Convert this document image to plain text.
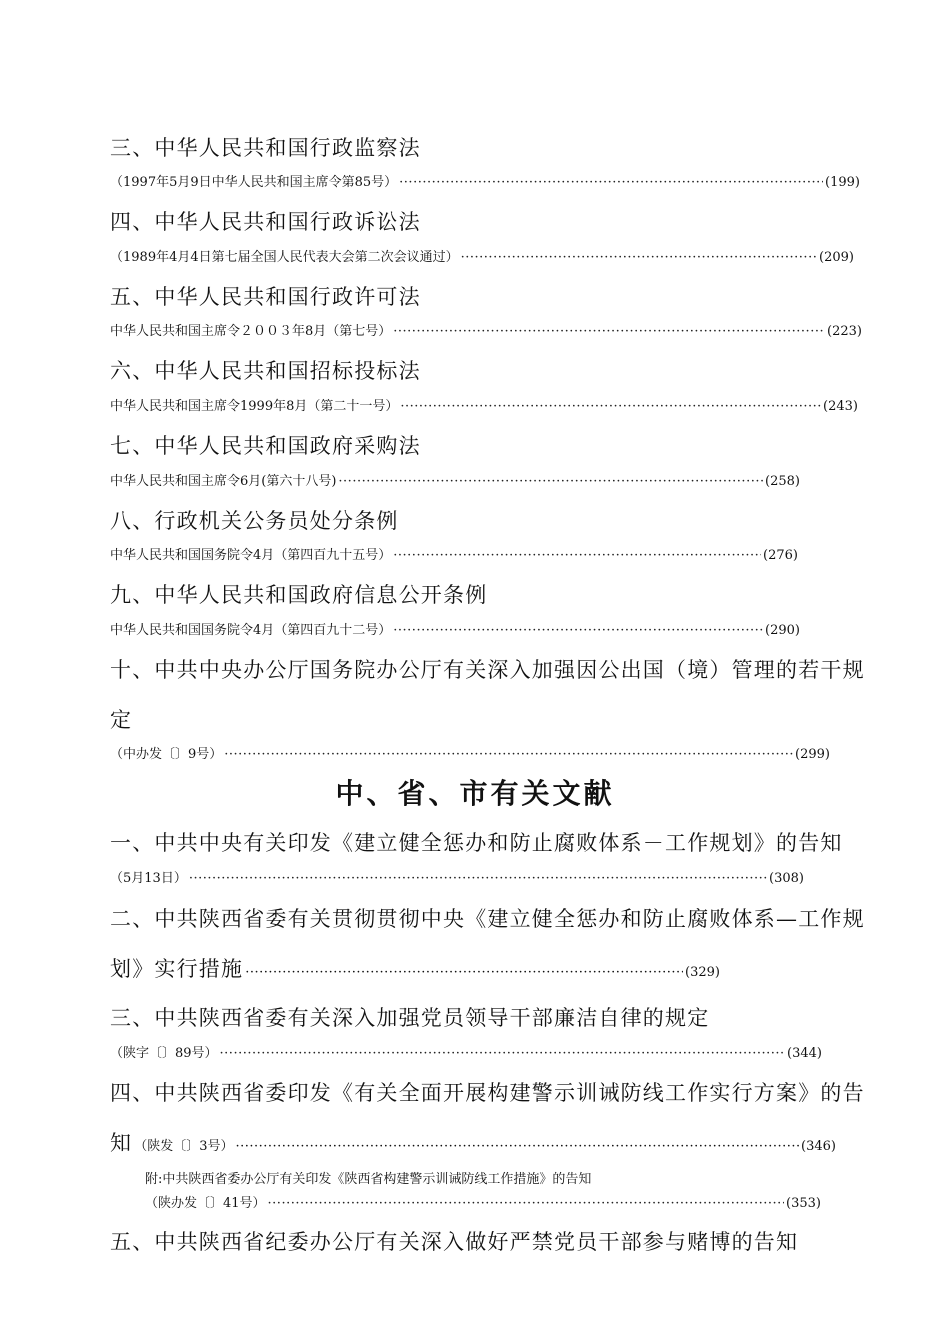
三、中华人民共和国行政监察法
（1997年5月9日中华人民共和国主席令第85号） ·····	(199)
四、中华人民共和国行政诉讼法
（1989年4月4日第七届全国人民代表大会第二次会议通过） ·····	(209)
五、中华人民共和国行政许可法
中华人民共和国主席令２００３年8月（第七号） ·····	(223)
六、中华人民共和国招标投标法
中华人民共和国主席令1999年8月（第二十一号） ·····	(243)
七、中华人民共和国政府采购法
中华人民共和国主席令6月(第六十八号) ·····	(258)
八、行政机关公务员处分条例
中华人民共和国国务院令4月（第四百九十五号） ·····	(276)
九、中华人民共和国政府信息公开条例
中华人民共和国国务院令4月（第四百九十二号） ·····	(290)
十、中共中央办公厅国务院办公厅有关深入加强因公出国（境）管理的若干规
定
（中办发〔〕9号） ·····	(299)
中、省、市有关文献
一、中共中央有关印发《建立健全惩办和防止腐败体系－工作规划》的告知
（5月13日） ·····	(308)
二、中共陕西省委有关贯彻贯彻中央《建立健全惩办和防止腐败体系—工作规
划》实行措施 ·····	(329)
三、中共陕西省委有关深入加强党员领导干部廉洁自律的规定
（陕字〔〕89号） ·····	(344)
四、中共陕西省委印发《有关全面开展构建警示训诫防线工作实行方案》的告
知 （陕发〔〕3号） ·····	(346)
附:中共陕西省委办公厅有关印发《陕西省构建警示训诫防线工作措施》的告知
（陕办发〔〕41号） ·····	(353)
五、中共陕西省纪委办公厅有关深入做好严禁党员干部参与赌博的告知
